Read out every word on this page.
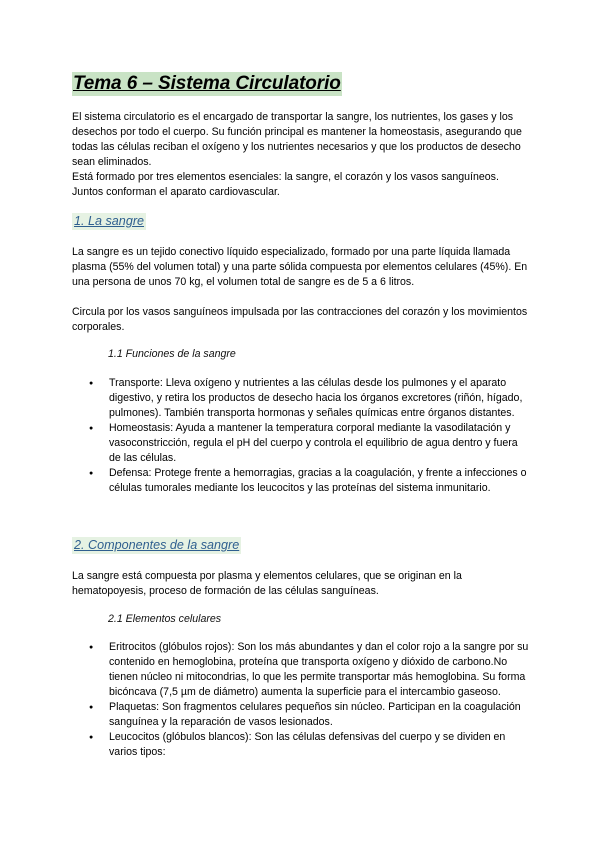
Tema 6 – Sistema Circulatorio

El sistema circulatorio es el encargado de transportar la sangre, los nutrientes, los gases y los desechos por todo el cuerpo. Su función principal es mantener la homeostasis, asegurando que todas las células reciban el oxígeno y los nutrientes necesarios y que los productos de desecho sean eliminados.

Está formado por tres elementos esenciales: la sangre, el corazón y los vasos sanguíneos. Juntos conforman el aparato cardiovascular.

1. La sangre

La sangre es un tejido conectivo líquido especializado, formado por una parte líquida llamada plasma (55% del volumen total) y una parte sólida compuesta por elementos celulares (45%). En una persona de unos 70 kg, el volumen total de sangre es de 5 a 6 litros.

Circula por los vasos sanguíneos impulsada por las contracciones del corazón y los movimientos corporales.

1.1 Funciones de la sangre
● Transporte: Lleva oxígeno y nutrientes a las células desde los pulmones y el aparato digestivo, y retira los productos de desecho hacia los órganos excretores (riñón, hígado, pulmones). También transporta hormonas y señales químicas entre órganos distantes.
● Homeostasis: Ayuda a mantener la temperatura corporal mediante la vasodilatación y vasoconstricción, regula el pH del cuerpo y controla el equilibrio de agua dentro y fuera de las células.
● Defensa: Protege frente a hemorragias, gracias a la coagulación, y frente a infecciones o células tumorales mediante los leucocitos y las proteínas del sistema inmunitario.
2. Componentes de la sangre

La sangre está compuesta por plasma y elementos celulares, que se originan en la hematopoyesis, proceso de formación de las células sanguíneas.

2.1 Elementos celulares
● Eritrocitos (glóbulos rojos): Son los más abundantes y dan el color rojo a la sangre por su contenido en hemoglobina, proteína que transporta oxígeno y dióxido de carbono.No tienen núcleo ni mitocondrias, lo que les permite transportar más hemoglobina. Su forma bicóncava (7,5 µm de diámetro) aumenta la superficie para el intercambio gaseoso.
● Plaquetas: Son fragmentos celulares pequeños sin núcleo. Participan en la coagulación sanguínea y la reparación de vasos lesionados.
● Leucocitos (glóbulos blancos): Son las células defensivas del cuerpo y se dividen en varios tipos:
